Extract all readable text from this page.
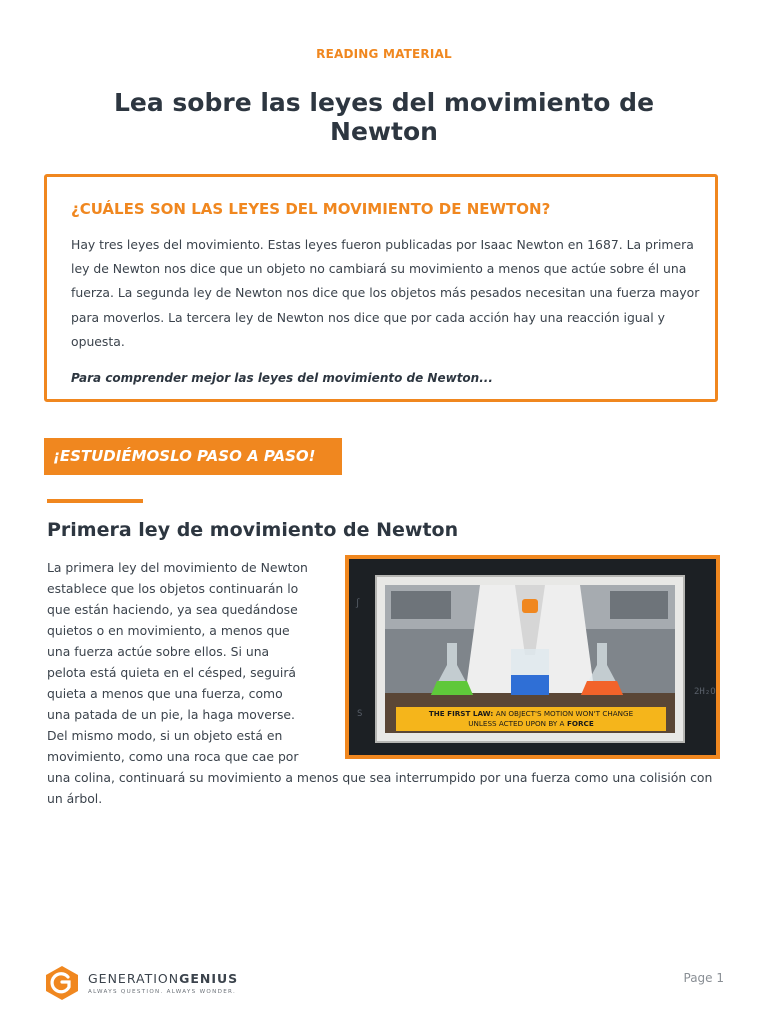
READING MATERIAL
Lea sobre las leyes del movimiento de Newton
¿CUÁLES SON LAS LEYES DEL MOVIMIENTO DE NEWTON?

Hay tres leyes del movimiento. Estas leyes fueron publicadas por Isaac Newton en 1687. La primera ley de Newton nos dice que un objeto no cambiará su movimiento a menos que actúe sobre él una fuerza. La segunda ley de Newton nos dice que los objetos más pesados necesitan una fuerza mayor para moverlos. La tercera ley de Newton nos dice que por cada acción hay una reacción igual y opuesta.

Para comprender mejor las leyes del movimiento de Newton...

¡ESTUDIÉMOSLO PASO A PASO!
Primera ley de movimiento de Newton

La primera ley del movimiento de Newton establece que los objetos continuarán lo que están haciendo, ya sea quedándose quietos o en movimiento, a menos que una fuerza actúe sobre ellos. Si una pelota está quieta en el césped, seguirá quieta a menos que una fuerza, como una patada de un pie, la haga moverse. Del mismo modo, si un objeto está en movimiento, como una roca que cae por una colina, continuará su movimiento a menos que sea interrumpido por una fuerza como una colisión con un árbol.

∫
S
2H₂O
THE FIRST LAW: AN OBJECT'S MOTION WON'T CHANGE
UNLESS ACTED UPON BY A FORCE
GENERATIONGENIUS
ALWAYS QUESTION. ALWAYS WONDER.
Page 1
